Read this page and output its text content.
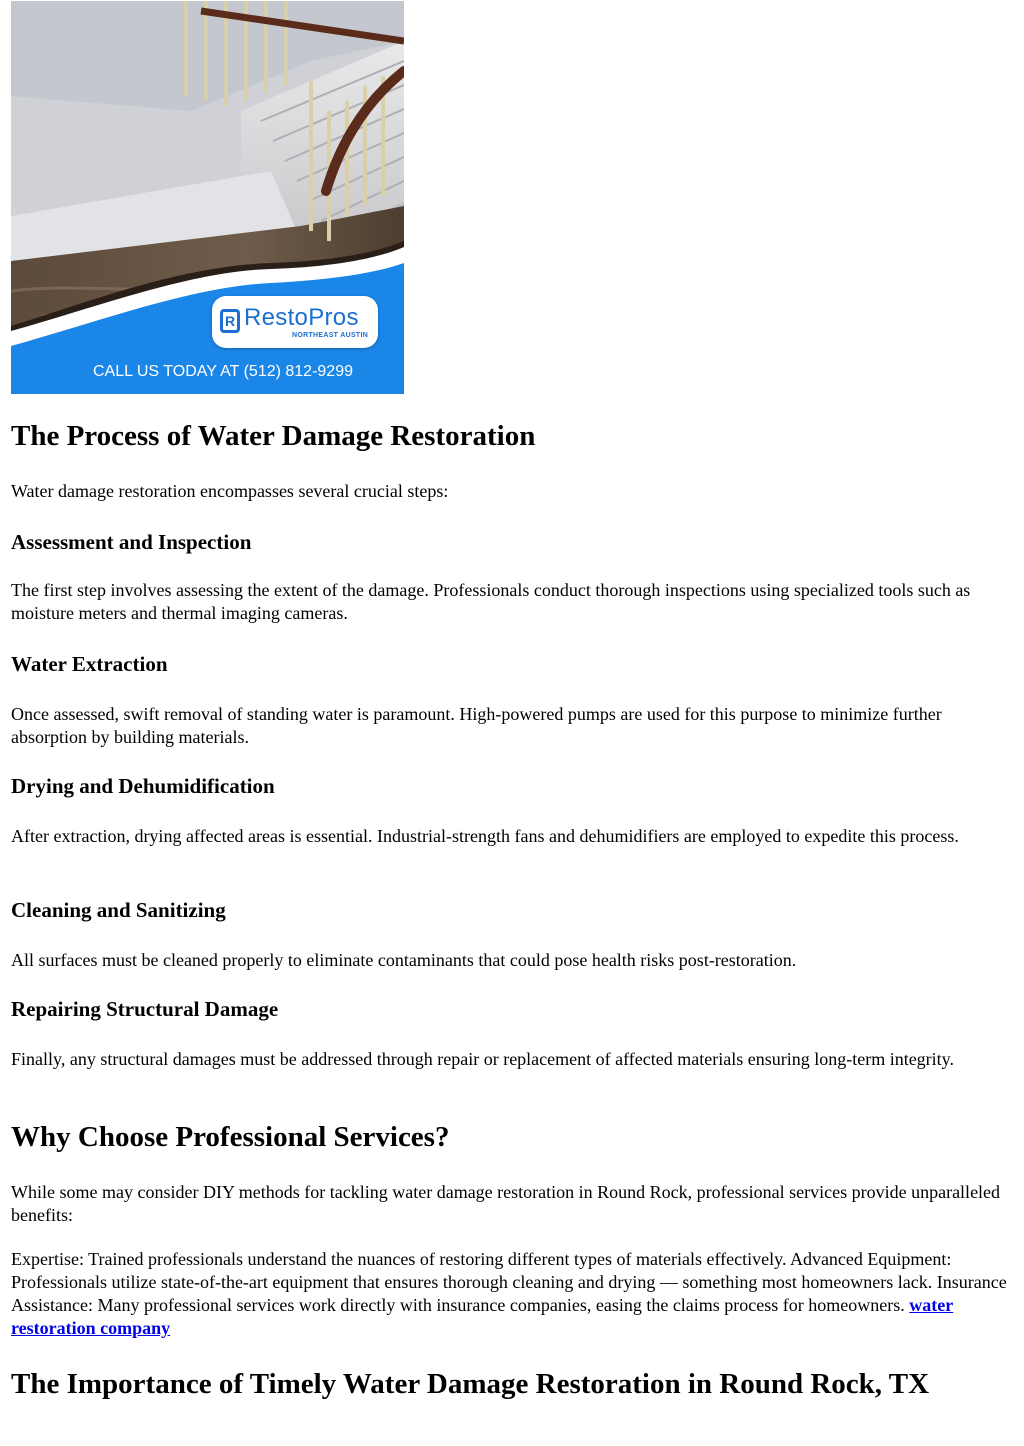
R RestoPros
NORTHEAST AUSTIN
CALL US TODAY AT (512) 812-9299
The Process of Water Damage Restoration

Water damage restoration encompasses several crucial steps:

Assessment and Inspection

The first step involves assessing the extent of the damage. Professionals conduct thorough inspections using specialized tools such as moisture meters and thermal imaging cameras.

Water Extraction

Once assessed, swift removal of standing water is paramount. High-powered pumps are used for this purpose to minimize further absorption by building materials.

Drying and Dehumidification

After extraction, drying affected areas is essential. Industrial-strength fans and dehumidifiers are employed to expedite this process.

Cleaning and Sanitizing

All surfaces must be cleaned properly to eliminate contaminants that could pose health risks post-restoration.

Repairing Structural Damage

Finally, any structural damages must be addressed through repair or replacement of affected materials ensuring long-term integrity.

Why Choose Professional Services?

While some may consider DIY methods for tackling water damage restoration in Round Rock, professional services provide unparalleled benefits:

Expertise: Trained professionals understand the nuances of restoring different types of materials effectively. Advanced Equipment: Professionals utilize state-of-the-art equipment that ensures thorough cleaning and drying — something most homeowners lack. Insurance Assistance: Many professional services work directly with insurance companies, easing the claims process for homeowners. water restoration company

The Importance of Timely Water Damage Restoration in Round Rock, TX
